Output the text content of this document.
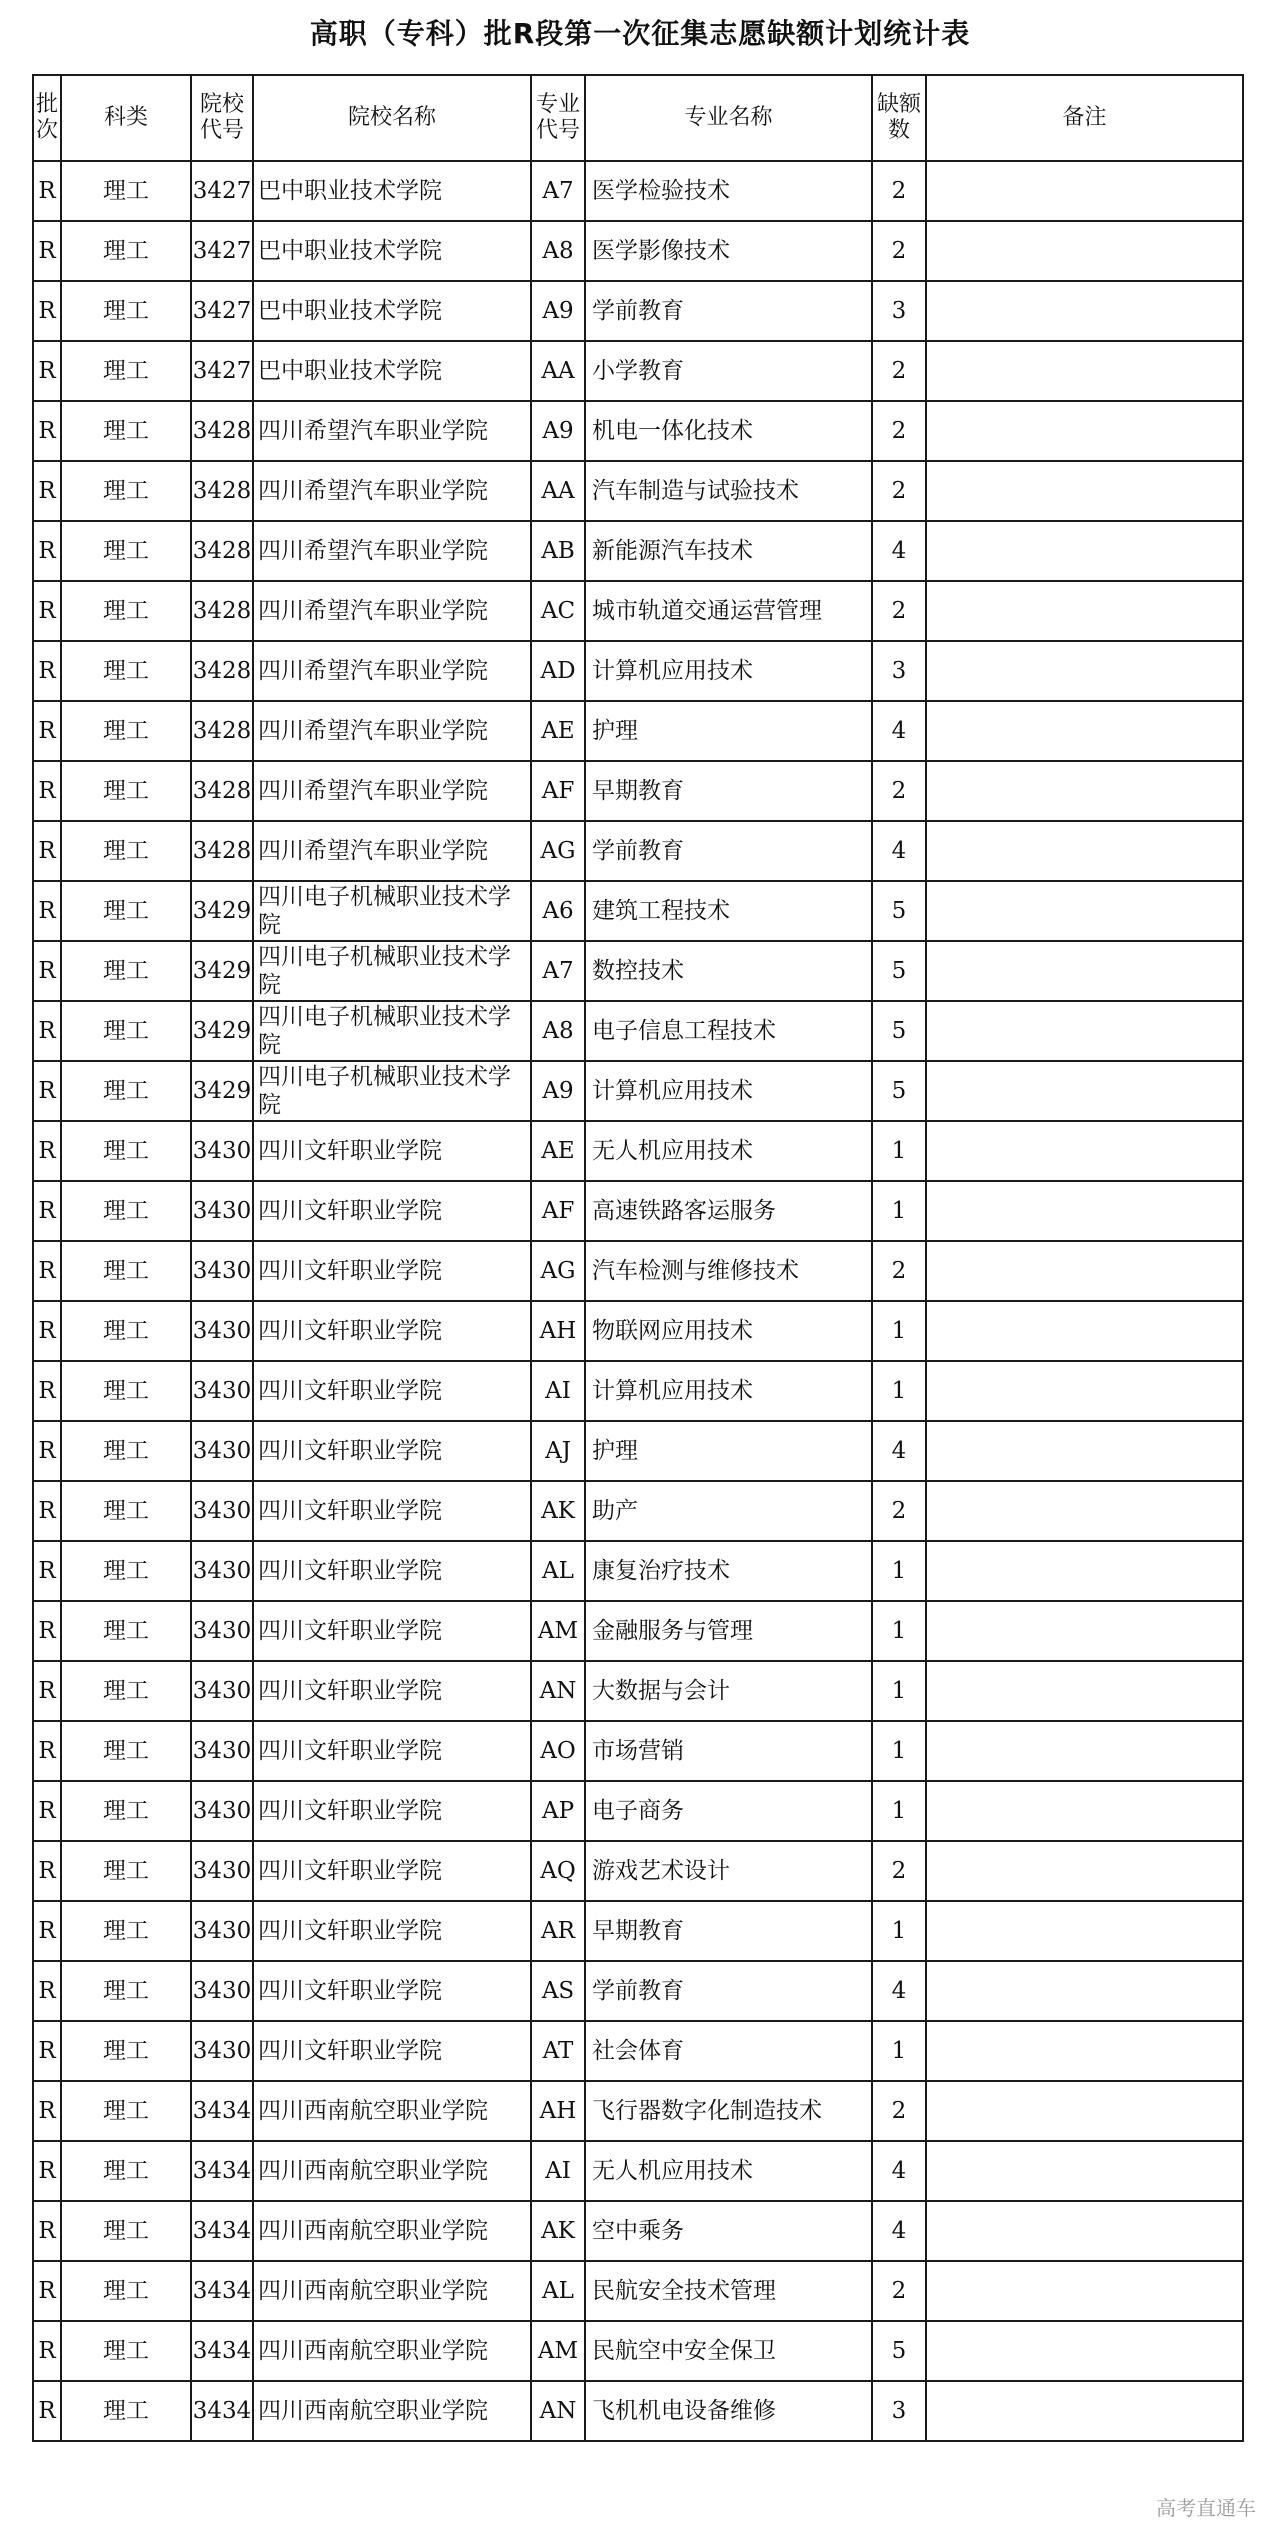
高职（专科）批R段第一次征集志愿缺额计划统计表
批次	科类	院校代号	院校名称	专业代号	专业名称	缺额数	备注
R	理工	3427	巴中职业技术学院	A7	医学检验技术	2	
R	理工	3427	巴中职业技术学院	A8	医学影像技术	2	
R	理工	3427	巴中职业技术学院	A9	学前教育	3	
R	理工	3427	巴中职业技术学院	AA	小学教育	2	
R	理工	3428	四川希望汽车职业学院	A9	机电一体化技术	2	
R	理工	3428	四川希望汽车职业学院	AA	汽车制造与试验技术	2	
R	理工	3428	四川希望汽车职业学院	AB	新能源汽车技术	4	
R	理工	3428	四川希望汽车职业学院	AC	城市轨道交通运营管理	2	
R	理工	3428	四川希望汽车职业学院	AD	计算机应用技术	3	
R	理工	3428	四川希望汽车职业学院	AE	护理	4	
R	理工	3428	四川希望汽车职业学院	AF	早期教育	2	
R	理工	3428	四川希望汽车职业学院	AG	学前教育	4	
R	理工	3429	四川电子机械职业技术学院	A6	建筑工程技术	5	
R	理工	3429	四川电子机械职业技术学院	A7	数控技术	5	
R	理工	3429	四川电子机械职业技术学院	A8	电子信息工程技术	5	
R	理工	3429	四川电子机械职业技术学院	A9	计算机应用技术	5	
R	理工	3430	四川文轩职业学院	AE	无人机应用技术	1	
R	理工	3430	四川文轩职业学院	AF	高速铁路客运服务	1	
R	理工	3430	四川文轩职业学院	AG	汽车检测与维修技术	2	
R	理工	3430	四川文轩职业学院	AH	物联网应用技术	1	
R	理工	3430	四川文轩职业学院	AI	计算机应用技术	1	
R	理工	3430	四川文轩职业学院	AJ	护理	4	
R	理工	3430	四川文轩职业学院	AK	助产	2	
R	理工	3430	四川文轩职业学院	AL	康复治疗技术	1	
R	理工	3430	四川文轩职业学院	AM	金融服务与管理	1	
R	理工	3430	四川文轩职业学院	AN	大数据与会计	1	
R	理工	3430	四川文轩职业学院	AO	市场营销	1	
R	理工	3430	四川文轩职业学院	AP	电子商务	1	
R	理工	3430	四川文轩职业学院	AQ	游戏艺术设计	2	
R	理工	3430	四川文轩职业学院	AR	早期教育	1	
R	理工	3430	四川文轩职业学院	AS	学前教育	4	
R	理工	3430	四川文轩职业学院	AT	社会体育	1	
R	理工	3434	四川西南航空职业学院	AH	飞行器数字化制造技术	2	
R	理工	3434	四川西南航空职业学院	AI	无人机应用技术	4	
R	理工	3434	四川西南航空职业学院	AK	空中乘务	4	
R	理工	3434	四川西南航空职业学院	AL	民航安全技术管理	2	
R	理工	3434	四川西南航空职业学院	AM	民航空中安全保卫	5	
R	理工	3434	四川西南航空职业学院	AN	飞机机电设备维修	3	
高考直通车
